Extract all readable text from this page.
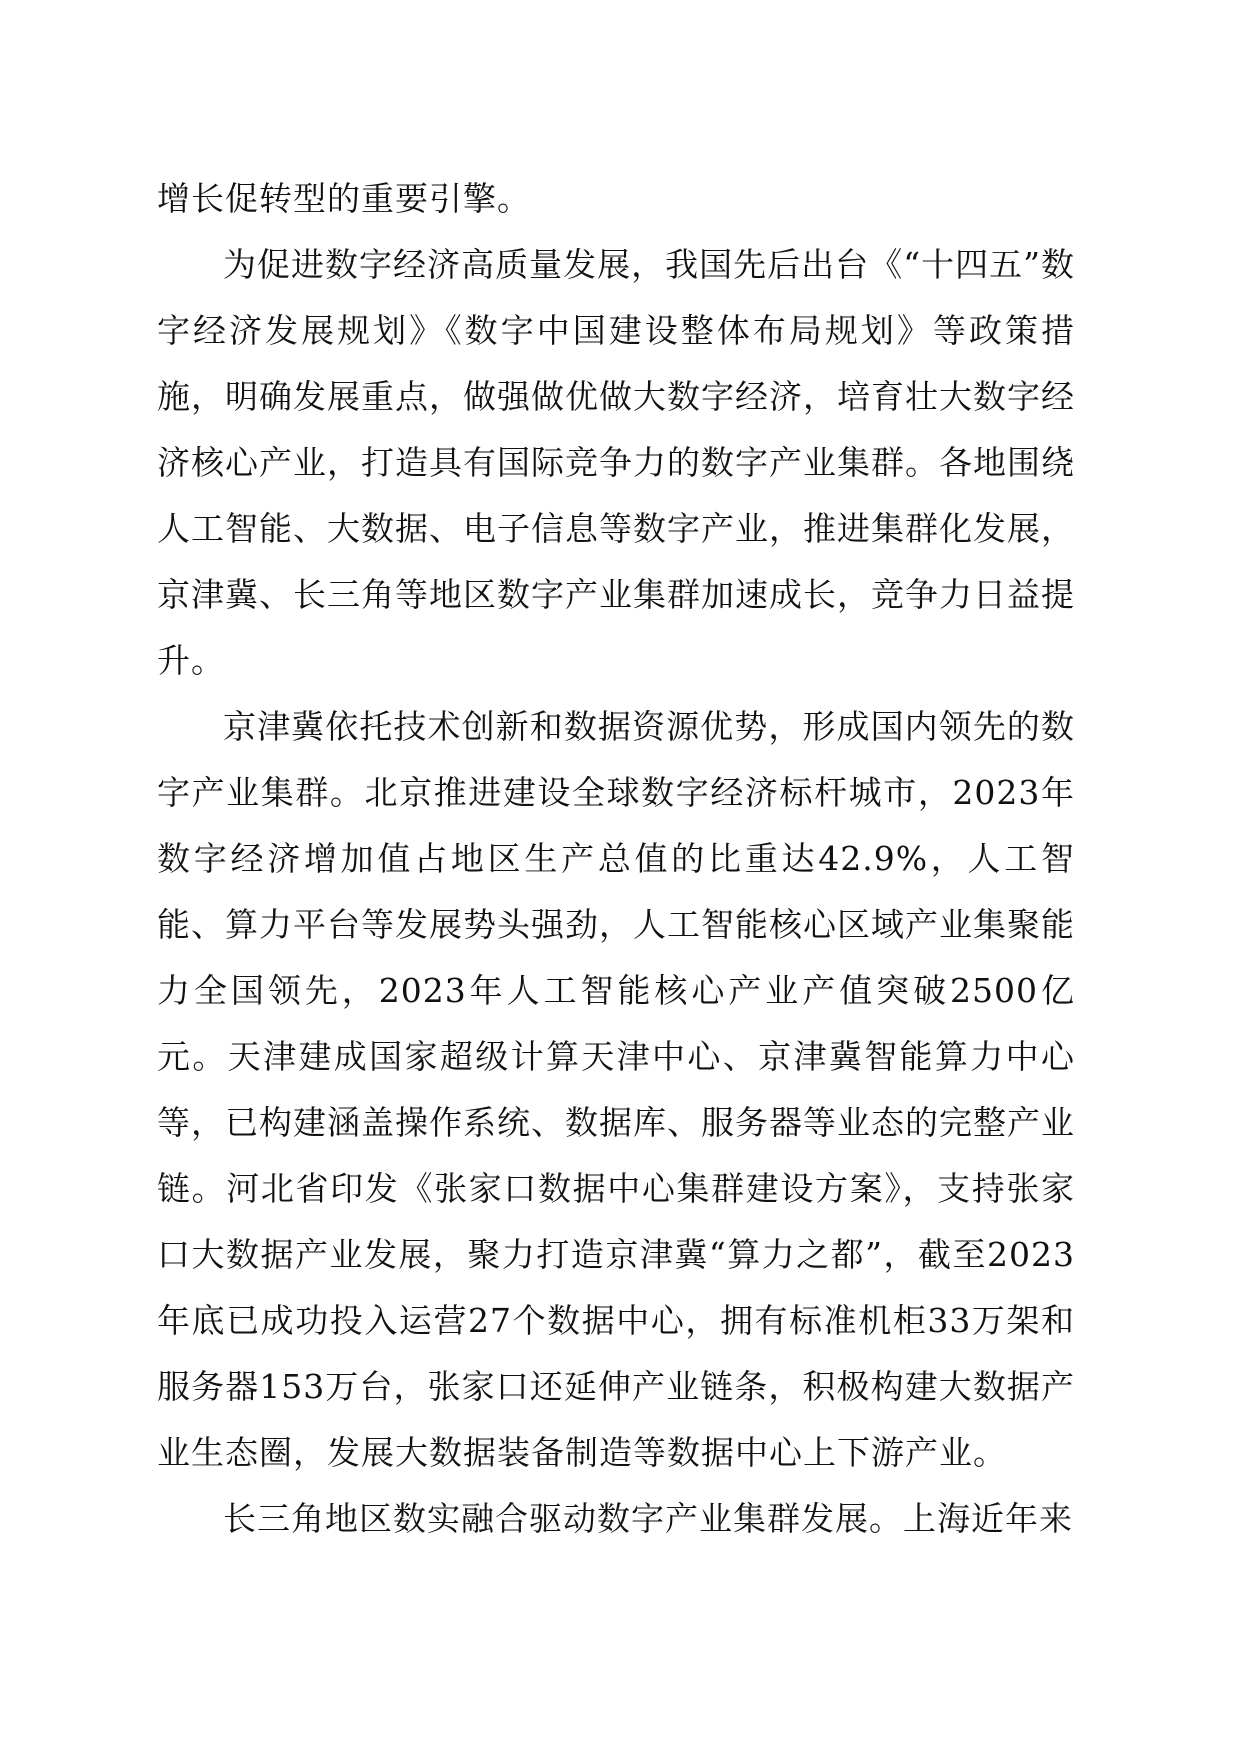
增长促转型的重要引擎。

为促进数字经济高质量发展，我国先后出台《“十四五”数字经济发展规划》《数字中国建设整体布局规划》等政策措施，明确发展重点，做强做优做大数字经济，培育壮大数字经济核心产业，打造具有国际竞争力的数字产业集群。各地围绕人工智能、大数据、电子信息等数字产业，推进集群化发展，京津冀、长三角等地区数字产业集群加速成长，竞争力日益提升。

京津冀依托技术创新和数据资源优势，形成国内领先的数字产业集群。北京推进建设全球数字经济标杆城市，2023年数字经济增加值占地区生产总值的比重达42.9%，人工智能、算力平台等发展势头强劲，人工智能核心区域产业集聚能力全国领先，2023年人工智能核心产业产值突破2500亿元。天津建成国家超级计算天津中心、京津冀智能算力中心等，已构建涵盖操作系统、数据库、服务器等业态的完整产业链。河北省印发《张家口数据中心集群建设方案》，支持张家口大数据产业发展，聚力打造京津冀“算力之都”，截至2023年底已成功投入运营27个数据中心，拥有标准机柜33万架和服务器153万台，张家口还延伸产业链条，积极构建大数据产业生态圈，发展大数据装备制造等数据中心上下游产业。

长三角地区数实融合驱动数字产业集群发展。上海近年来
